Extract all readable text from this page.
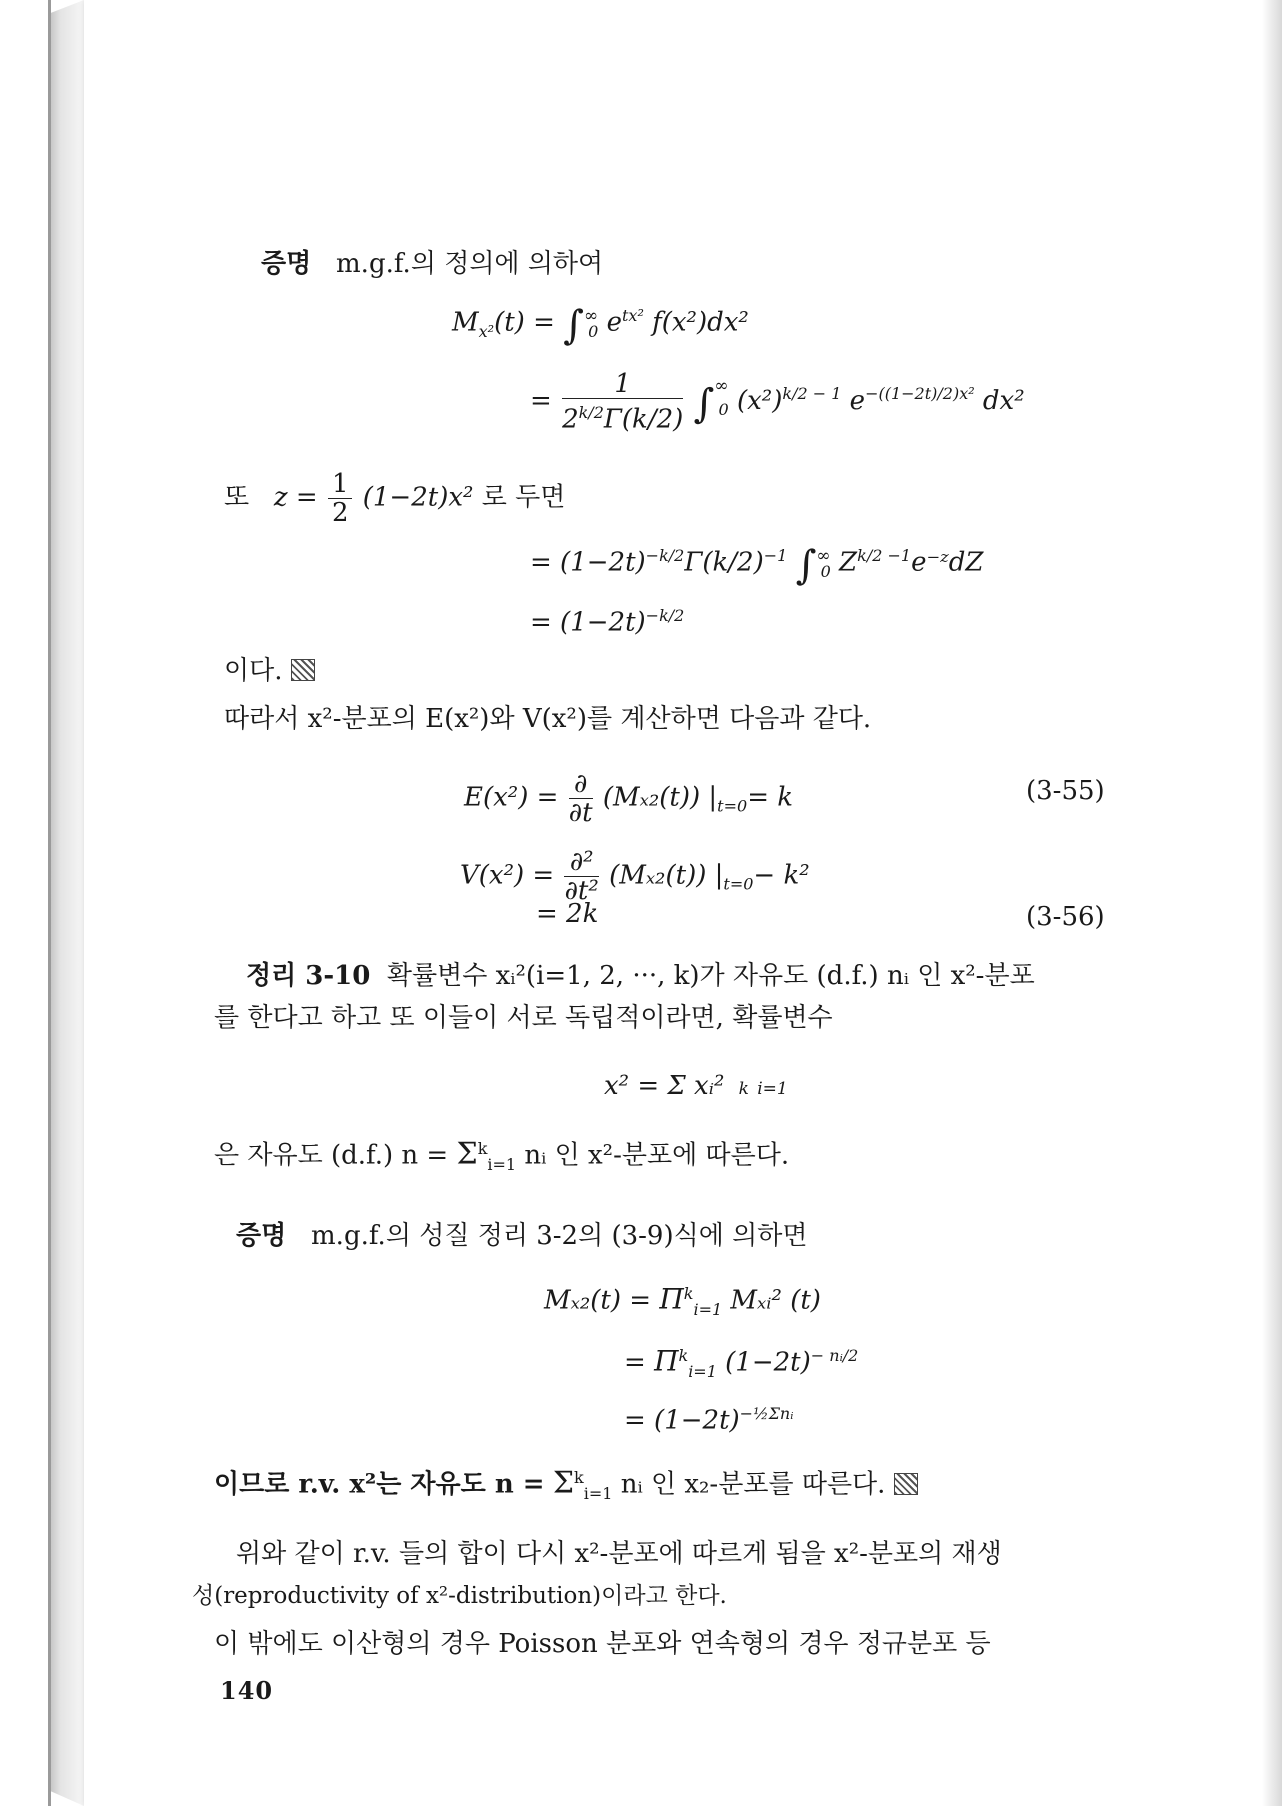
증명 m.g.f.의 정의에 의하여
$M_{x^2}(t) = \int^\infty_0$ $e^{tx^2}$ f(x²)dx²
= $\frac{1}{2^{k/2}\Gamma(k/2)} \int^\infty_0$ $(x^2)^{k/2 - 1}$ $e^{-((1-2t)/2)x^2}$ dx²
또 $z = \frac{1}{2} (1-2t)x^2$ 로 두면
= $(1-2t)^{-k/2}\Gamma(k/2)^{-1}$ $\int^\infty_0$ $Z^{k/2 -1}e^-ᶻdZ$
= $(1-2t)^{-k/2}$
이다.
따라서 x²-분포의 E(x²)와 V(x²)를 계산하면 다음과 같다.
$E(x^2) = \frac{\partial}{\partial t} (M_{x2}(t))$ $|_{t=0}= k$	(3-55)
$V(x^2) = \frac{\text{∂²}}{\text{∂t²}} (M_{x2}(t))$ $|_{t=0}- k^2$
= 2k	(3-56)
정리 3-10 확률변수 xᵢ²(i=1, 2, ···, k)가 자유도 (d.f.) nᵢ 인 x²-분포
를 한다고 하고 또 이들이 서로 독립적이라면, 확률변수
x² = Σ xᵢ² k i=1
은 자유도 (d.f.) $n = \Sigma^k_{i=1}$ nᵢ 인 x²-분포에 따른다.
증명 m.g.f.의 성질 정리 3-2의 (3-9)식에 의하면
$M_{x2}(t) = \Pi^k_{i=1}$ Mₓᵢ² (t)
= $\Pi^k_{i=1}$ $(1-2t)^{- nᵢ/2}$
= $(1-2t)^{-\frac{1}{2}\Sigma nᵢ}$
이므로 r.v. x²는 자유도 $n = \Sigma^k_{i=1}$ nᵢ 인 x₂-분포를 따른다.
위와 같이 r.v. 들의 합이 다시 x²-분포에 따르게 됨을 x²-분포의 재생
성(reproductivity of x²-distribution)이라고 한다.
이 밖에도 이산형의 경우 Poisson 분포와 연속형의 경우 정규분포 등
140
